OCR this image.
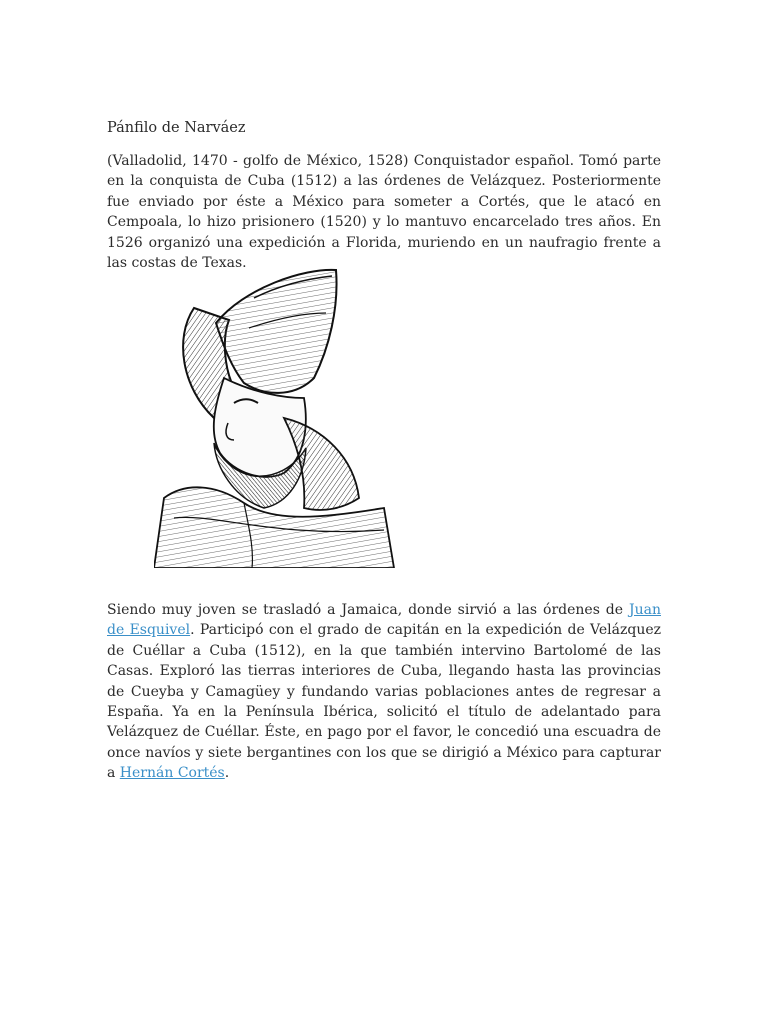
Pánfilo de Narváez

(Valladolid, 1470 - golfo de México, 1528) Conquistador español. Tomó parte en la conquista de Cuba (1512) a las órdenes de Velázquez. Posteriormente fue enviado por éste a México para someter a Cortés, que le atacó en Cempoala, lo hizo prisionero (1520) y lo mantuvo encarcelado tres años. En 1526 organizó una expedición a Florida, muriendo en un naufragio frente a las costas de Texas.

Siendo muy joven se trasladó a Jamaica, donde sirvió a las órdenes de Juan de Esquivel. Participó con el grado de capitán en la expedición de Velázquez de Cuéllar a Cuba (1512), en la que también intervino Bartolomé de las Casas. Exploró las tierras interiores de Cuba, llegando hasta las provincias de Cueyba y Camagüey y fundando varias poblaciones antes de regresar a España. Ya en la Península Ibérica, solicitó el título de adelantado para Velázquez de Cuéllar. Éste, en pago por el favor, le concedió una escuadra de once navíos y siete bergantines con los que se dirigió a México para capturar a Hernán Cortés.
